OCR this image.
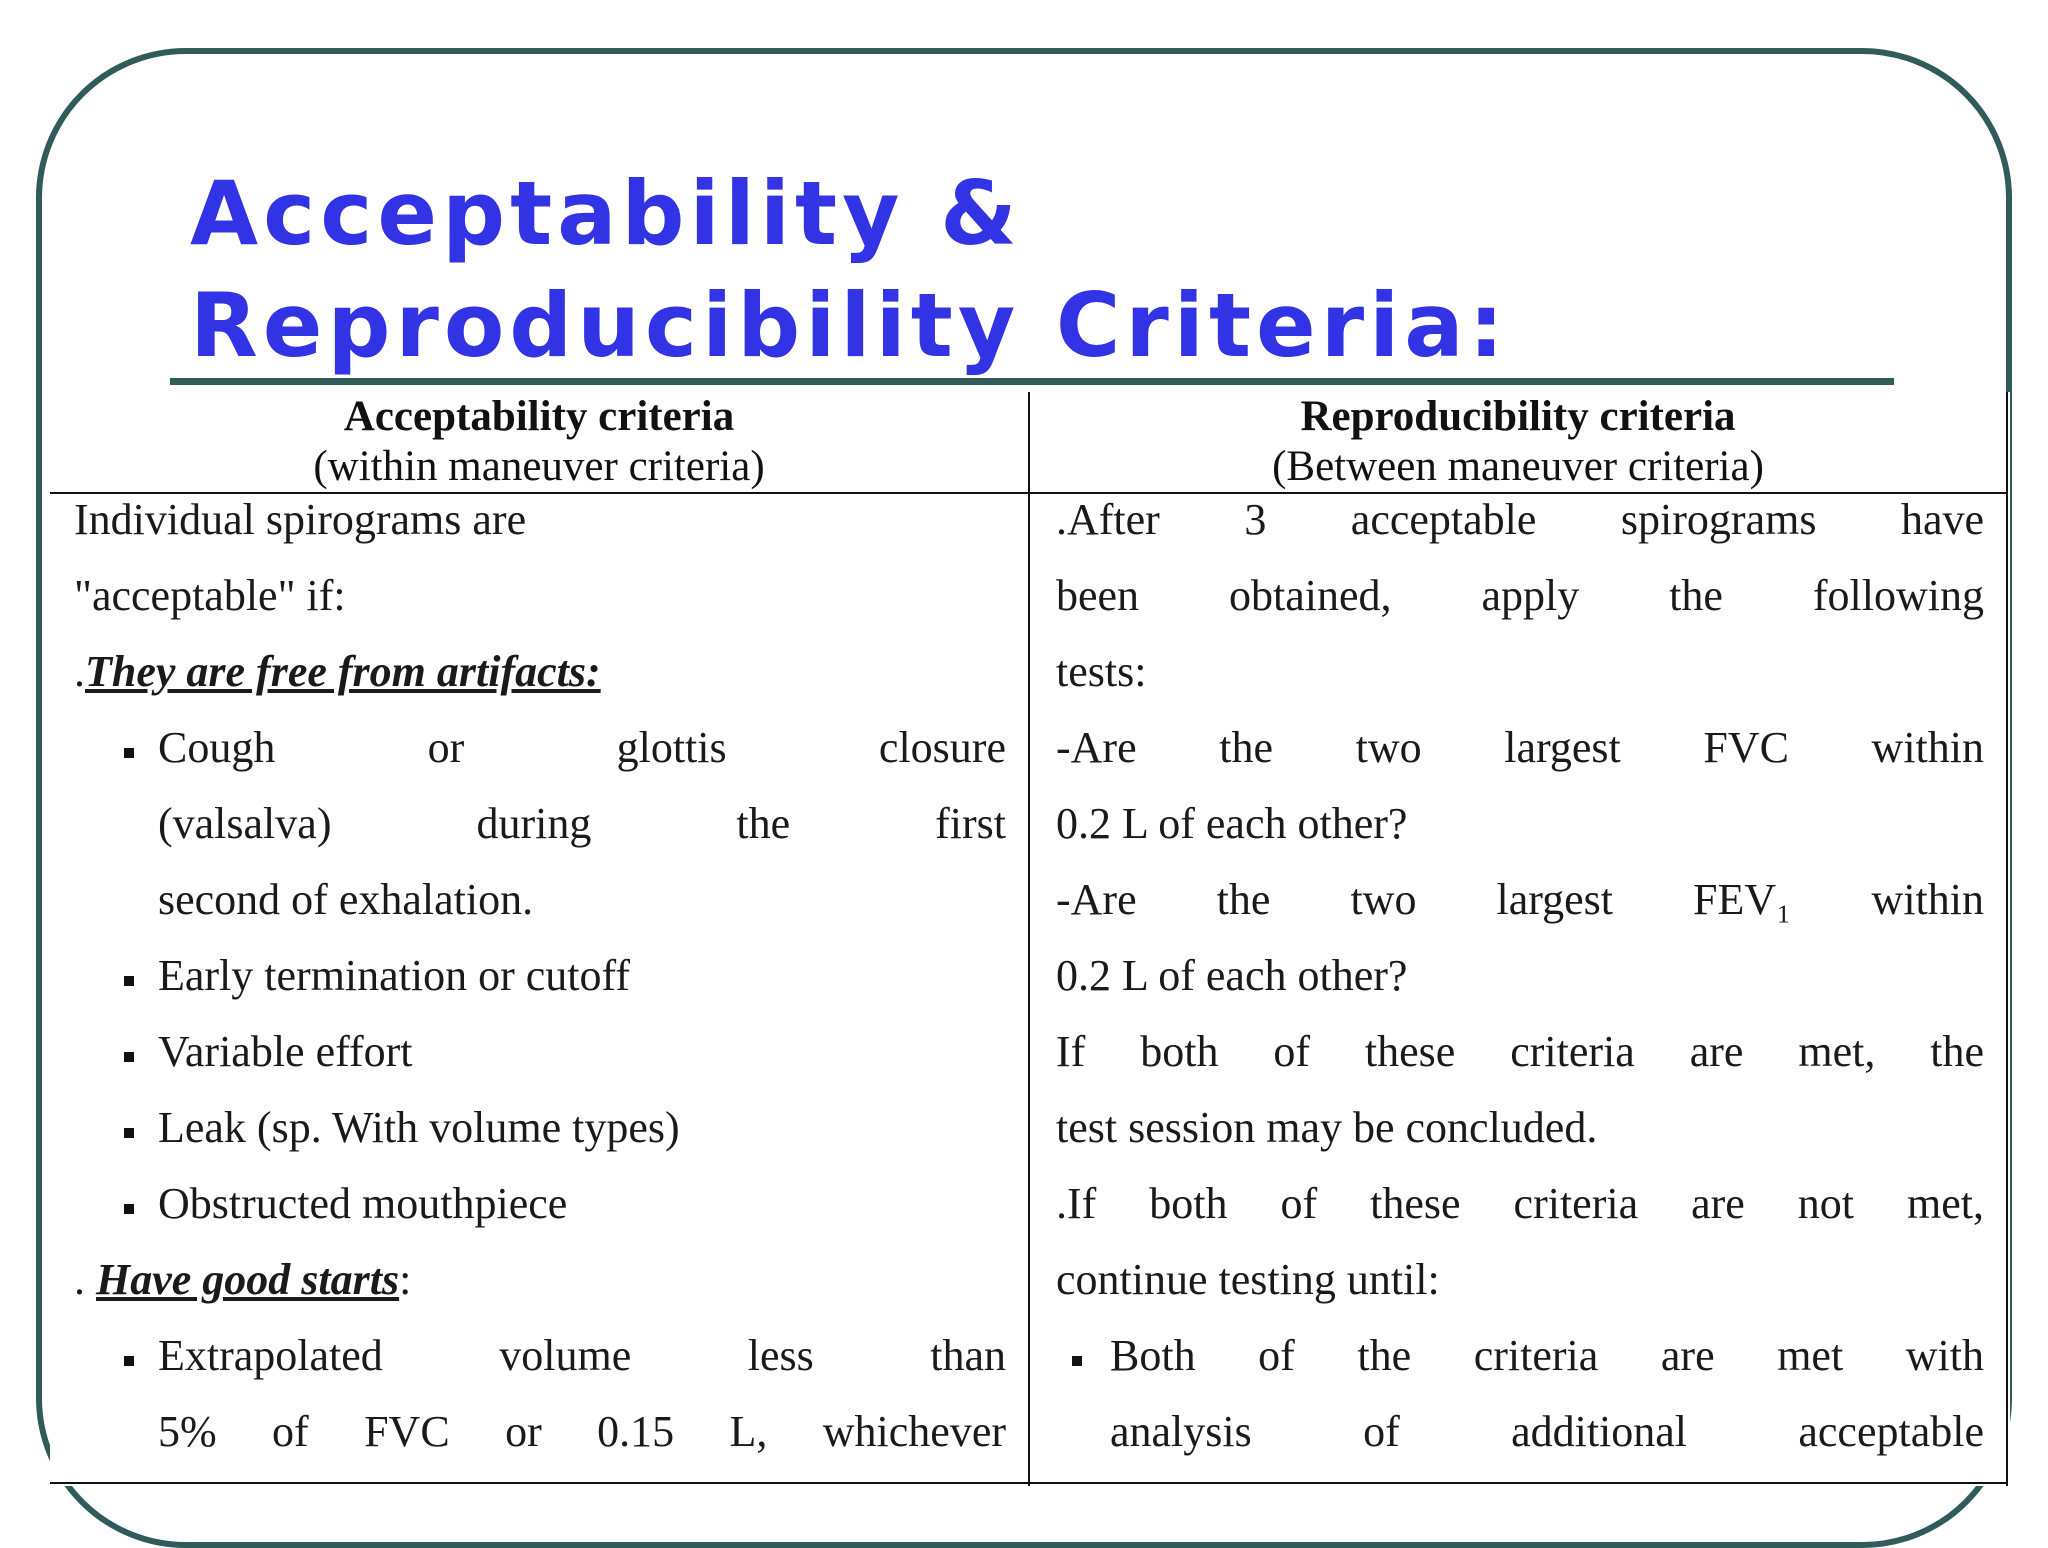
Acceptability &
Reproducibility Criteria:
Acceptability criteria
(within maneuver criteria)
Reproducibility criteria
(Between maneuver criteria)
Individual spirograms are
"acceptable" if:
.They are free from artifacts:
Cough or glottis closure
(valsalva) during the first
second of exhalation.
Early termination or cutoff
Variable effort
Leak (sp. With volume types)
Obstructed mouthpiece
. Have good starts:
Extrapolated volume less than
5% of FVC or 0.15 L, whichever
.After 3 acceptable spirograms have
been obtained, apply the following
tests:
-Are the two largest FVC within
0.2 L of each other?
-Are the two largest FEV₁ within
0.2 L of each other?
If both of these criteria are met, the
test session may be concluded.
.If both of these criteria are not met,
continue testing until:
Both of the criteria are met with
analysis of additional acceptable
